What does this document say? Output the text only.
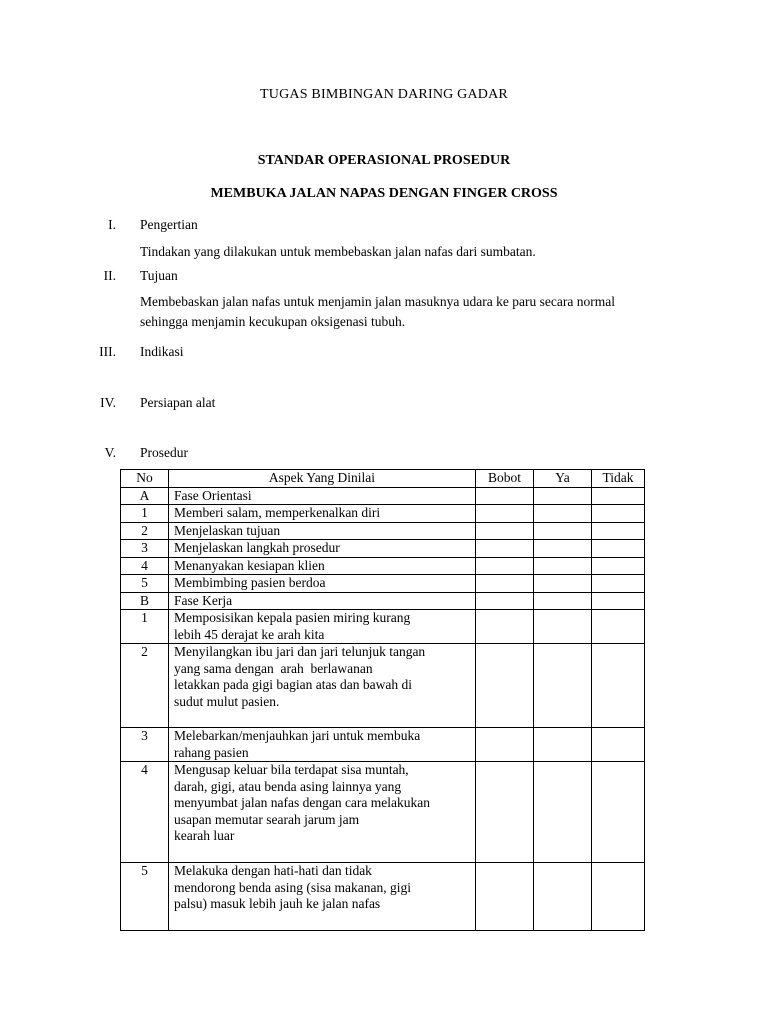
TUGAS BIMBINGAN DARING GADAR
STANDAR OPERASIONAL PROSEDUR
MEMBUKA JALAN NAPAS DENGAN FINGER CROSS
I. Pengertian
Tindakan yang dilakukan untuk membebaskan jalan nafas dari sumbatan.
II. Tujuan
Membebaskan jalan nafas untuk menjamin jalan masuknya udara ke paru secara normal sehingga menjamin kecukupan oksigenasi tubuh.
III. Indikasi
IV. Persiapan alat
V. Prosedur
No	Aspek Yang Dinilai	Bobot	Ya	Tidak
A	Fase Orientasi			
1	Memberi salam, memperkenalkan diri			
2	Menjelaskan tujuan			
3	Menjelaskan langkah prosedur			
4	Menanyakan kesiapan klien			
5	Membimbing pasien berdoa			
B	Fase Kerja			
1	Memposisikan kepala pasien miring kurang
lebih 45 derajat ke arah kita			

2	Menyilangkan ibu jari dan jari telunjuk tangan
yang sama dengan  arah  berlawanan
letakkan pada gigi bagian atas dan bawah di
sudut mulut pasien.			

3	Melebarkan/menjauhkan jari untuk membuka
rahang pasien			

4	Mengusap keluar bila terdapat sisa muntah,
darah, gigi, atau benda asing lainnya yang
menyumbat jalan nafas dengan cara melakukan
usapan memutar searah jarum jam
kearah luar			

5	Melakuka dengan hati-hati dan tidak
mendorong benda asing (sisa makanan, gigi
palsu) masuk lebih jauh ke jalan nafas			
